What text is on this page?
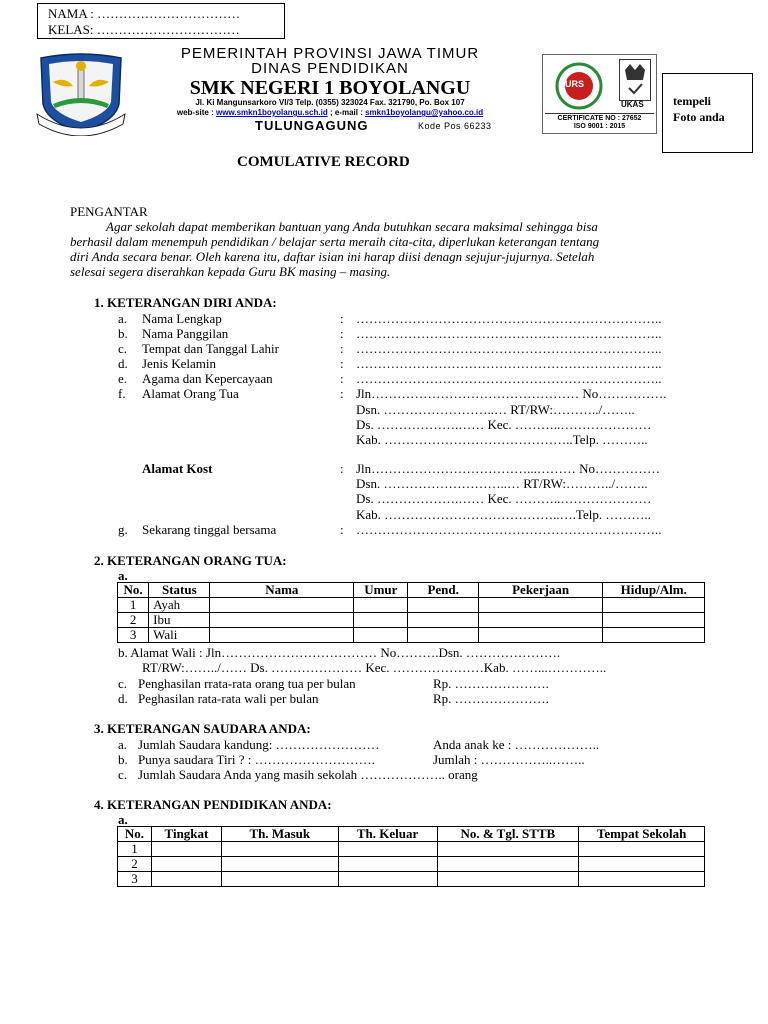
NAMA : ……………………………
KELAS: ……………………………
PEMERINTAH PROVINSI JAWA TIMUR
DINAS PENDIDIKAN
SMK NEGERI 1 BOYOLANGU
Jl. Ki Mangunsarkoro VI/3 Telp. (0355) 323024 Fax. 321790, Po. Box 107
web-site : www.smkn1boyolangu.sch.id ; e-mail : smkn1boyolangu@yahoo.co.id
TULUNGAGUNG	Kode Pos 66233
URS
UKAS
CERTIFICATE NO : 27652
ISO 9001 : 2015
tempeli
Foto anda
COMULATIVE RECORD
PENGANTAR
Agar sekolah dapat memberikan bantuan yang Anda butuhkan secara maksimal sehingga bisa
berhasil dalam menempuh pendidikan / belajar serta meraih cita-cita, diperlukan keterangan tentang
diri Anda secara benar. Oleh karena itu, daftar isian ini harap diisi denagn sejujur-jujurnya. Setelah
selesai segera diserahkan kepada Guru BK masing – masing.
1. KETERANGAN DIRI ANDA:
a. Nama Lengkap	: ……………………………………………………………..
b. Nama Panggilan	: ……………………………………………………………..
c. Tempat dan Tanggal Lahir	: ……………………………………………………………..
d. Jenis Kelamin	: ……………………………………………………………..
e. Agama dan Kepercayaan	: ……………………………………………………………..
f. Alamat Orang Tua	: Jln………………………………………… No…………….
Dsn. ……………………..… RT/RW:………../……..
Ds. ……………….…… Kec. ………..…………………
Kab. ……………………………………..Telp. ………..
Alamat Kost	: Jln………………………………...……… No……………
Dsn. ………………………..… RT/RW:………../……..
Ds. ……………….…… Kec. ………..…………………
Kab. …………………………………..….Telp. ………..
g. Sekarang tinggal bersama	: ……………………………………………………………..
2. KETERANGAN ORANG TUA:
a.
No.	Status	Nama	Umur	Pend.	Pekerjaan	Hidup/Alm.
1	Ayah					
2	Ibu					
3	Wali					
b. Alamat Wali : Jln……………………………… No……….Dsn. ………………….
RT/RW:……../…… Ds. ………………… Kec. …………………Kab. ……...…………..
c. Penghasilan rrata-rata orang tua per bulan	Rp. ………………….
d. Peghasilan rata-rata wali per bulan	Rp. ………………….
3. KETERANGAN SAUDARA ANDA:
a. Jumlah Saudara kandung: ……………………	Anda anak ke : ………………..
b. Punya saudara Tiri ? : ……………………….	Jumlah : ……………..……..
c. Jumlah Saudara Anda yang masih sekolah ……………….. orang
4. KETERANGAN PENDIDIKAN ANDA:
a.
No.	Tingkat	Th. Masuk	Th. Keluar	No. & Tgl. STTB	Tempat Sekolah
1					
2					
3					
